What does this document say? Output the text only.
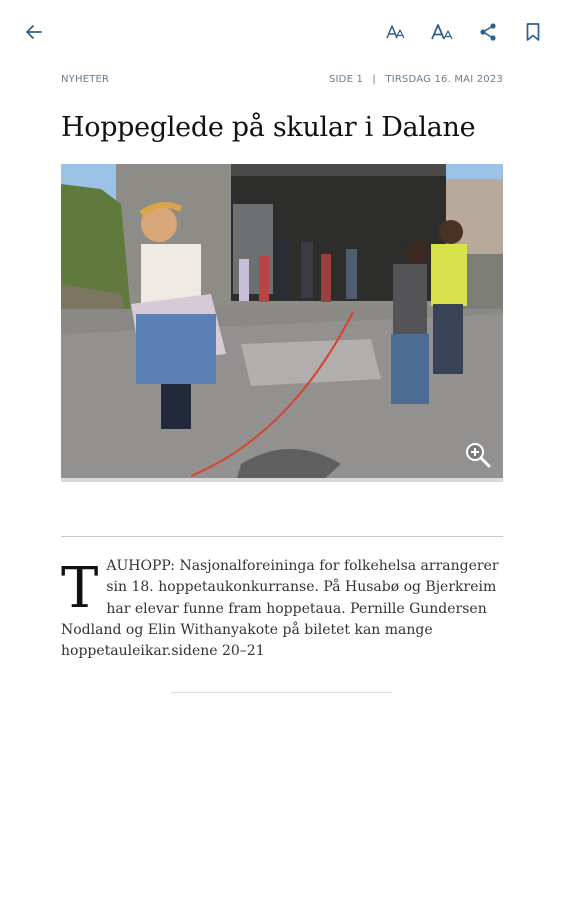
NYHETER	SIDE 1 | TIRSDAG 16. MAI 2023
Hoppeglede på skular i Dalane
TAUHOPP: Nasjonalforeininga for folkehelsa arrangerer sin 18. hoppetaukonkurranse. På Husabø og Bjerkreim har elevar funne fram hoppetaua. Pernille Gundersen Nodland og Elin Withanyakote på biletet kan mange hoppetauleikar.sidene 20–21
